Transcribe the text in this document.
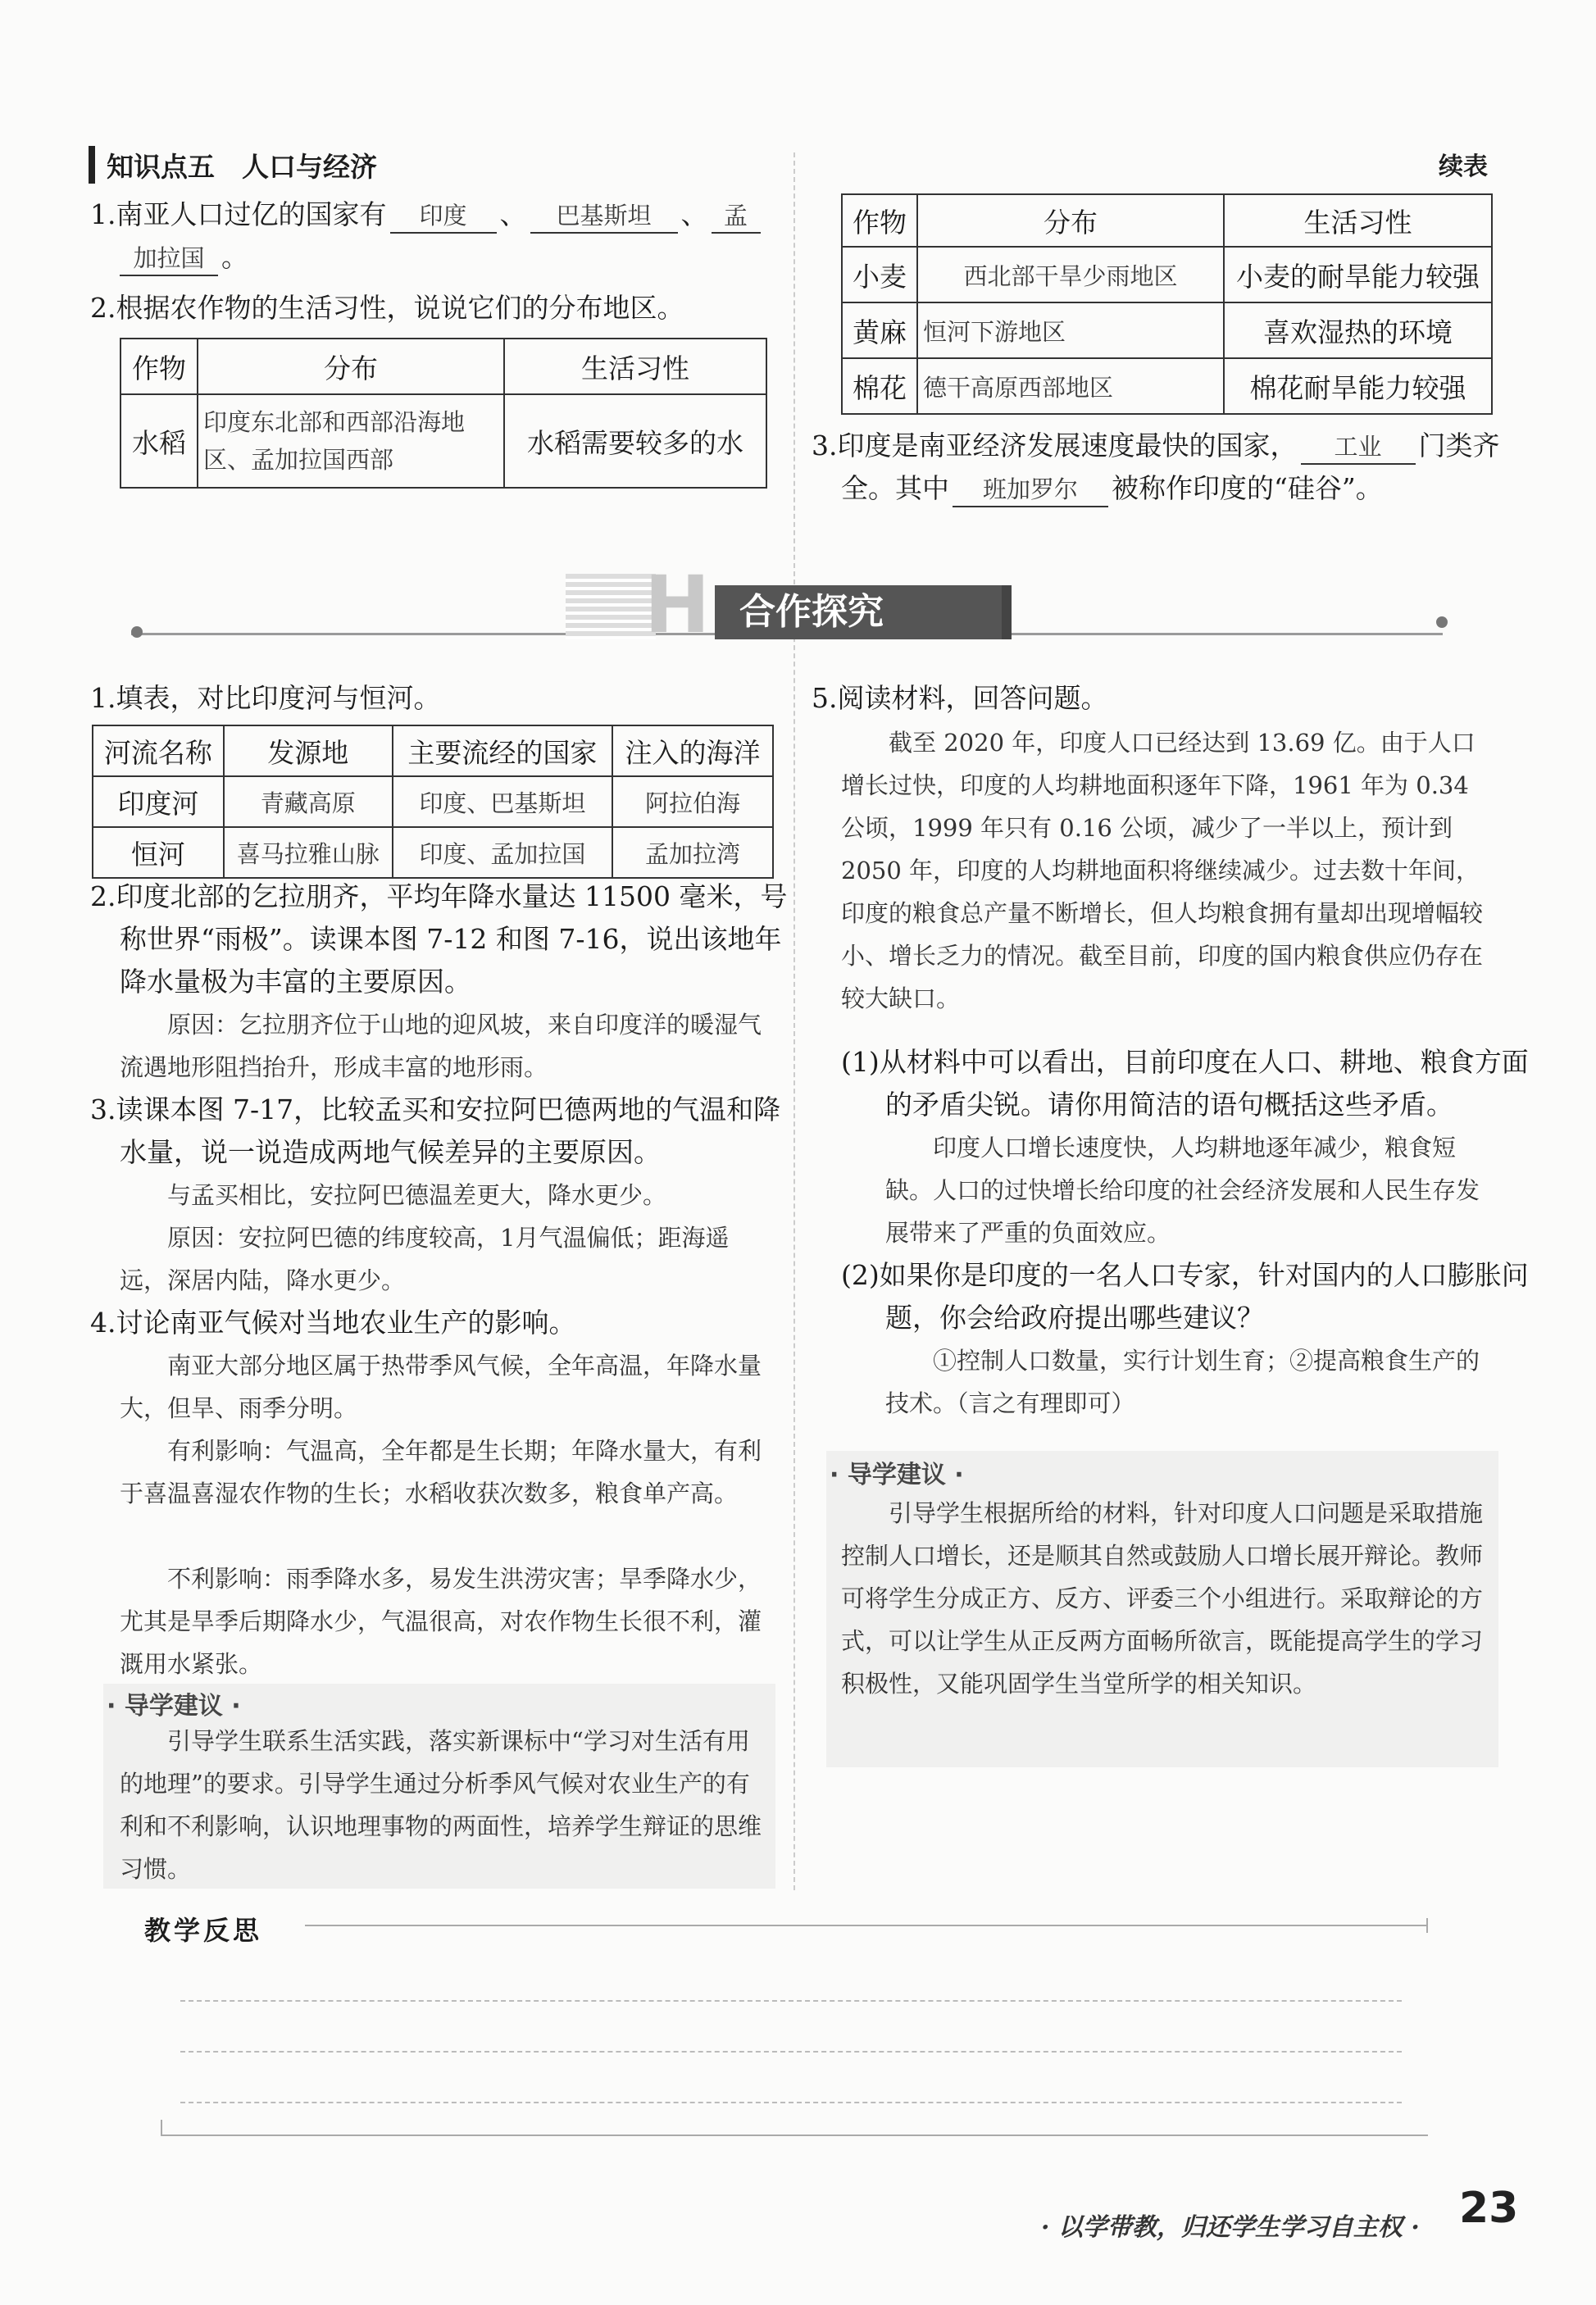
知识点五　人口与经济	续表
1.南亚人口过亿的国家有 印度 、 巴基斯坦 、 孟
加拉国 。
2.根据农作物的生活习性，说说它们的分布地区。
作物	分布	生活习性
水稻	印度东北部和西部沿海地区、孟加拉国西部	水稻需要较多的水
作物	分布	生活习性
小麦	西北部干旱少雨地区	小麦的耐旱能力较强
黄麻	恒河下游地区	喜欢湿热的环境
棉花	德干高原西部地区	棉花耐旱能力较强
3.印度是南亚经济发展速度最快的国家， 工业 门类齐
全。其中 班加罗尔 被称作印度的“硅谷”。
H 合作探究
1.填表，对比印度河与恒河。
河流名称	发源地	主要流经的国家	注入的海洋
印度河	青藏高原	印度、巴基斯坦	阿拉伯海
恒河	喜马拉雅山脉	印度、孟加拉国	孟加拉湾
2.印度北部的乞拉朋齐，平均年降水量达 11500 毫米，号称世界“雨极”。读课本图 7-12 和图 7-16，说出该地年降水量极为丰富的主要原因。
原因：乞拉朋齐位于山地的迎风坡，来自印度洋的暖湿气流遇地形阻挡抬升，形成丰富的地形雨。
3.读课本图 7-17，比较孟买和安拉阿巴德两地的气温和降水量，说一说造成两地气候差异的主要原因。
与孟买相比，安拉阿巴德温差更大，降水更少。
原因：安拉阿巴德的纬度较高，1月气温偏低；距海遥远，深居内陆，降水更少。
4.讨论南亚气候对当地农业生产的影响。
南亚大部分地区属于热带季风气候，全年高温，年降水量大，但旱、雨季分明。
有利影响：气温高，全年都是生长期；年降水量大，有利于喜温喜湿农作物的生长；水稻收获次数多，粮食单产高。
不利影响：雨季降水多，易发生洪涝灾害；旱季降水少，尤其是旱季后期降水少，气温很高，对农作物生长很不利，灌溉用水紧张。
· 导学建议 ·
引导学生联系生活实践，落实新课标中“学习对生活有用的地理”的要求。引导学生通过分析季风气候对农业生产的有利和不利影响，认识地理事物的两面性，培养学生辩证的思维习惯。
5.阅读材料，回答问题。
截至 2020 年，印度人口已经达到 13.69 亿。由于人口增长过快，印度的人均耕地面积逐年下降，1961 年为 0.34 公顷，1999 年只有 0.16 公顷，减少了一半以上，预计到 2050 年，印度的人均耕地面积将继续减少。过去数十年间，印度的粮食总产量不断增长，但人均粮食拥有量却出现增幅较小、增长乏力的情况。截至目前，印度的国内粮食供应仍存在较大缺口。
(1)从材料中可以看出，目前印度在人口、耕地、粮食方面的矛盾尖锐。请你用简洁的语句概括这些矛盾。
印度人口增长速度快，人均耕地逐年减少，粮食短缺。人口的过快增长给印度的社会经济发展和人民生存发展带来了严重的负面效应。
(2)如果你是印度的一名人口专家，针对国内的人口膨胀问题，你会给政府提出哪些建议？
①控制人口数量，实行计划生育；②提高粮食生产的技术。（言之有理即可）
· 导学建议 ·
引导学生根据所给的材料，针对印度人口问题是采取措施控制人口增长，还是顺其自然或鼓励人口增长展开辩论。教师可将学生分成正方、反方、评委三个小组进行。采取辩论的方式，可以让学生从正反两方面畅所欲言，既能提高学生的学习积极性，又能巩固学生当堂所学的相关知识。
教学反思
· 以学带教，归还学生学习自主权 · 23
